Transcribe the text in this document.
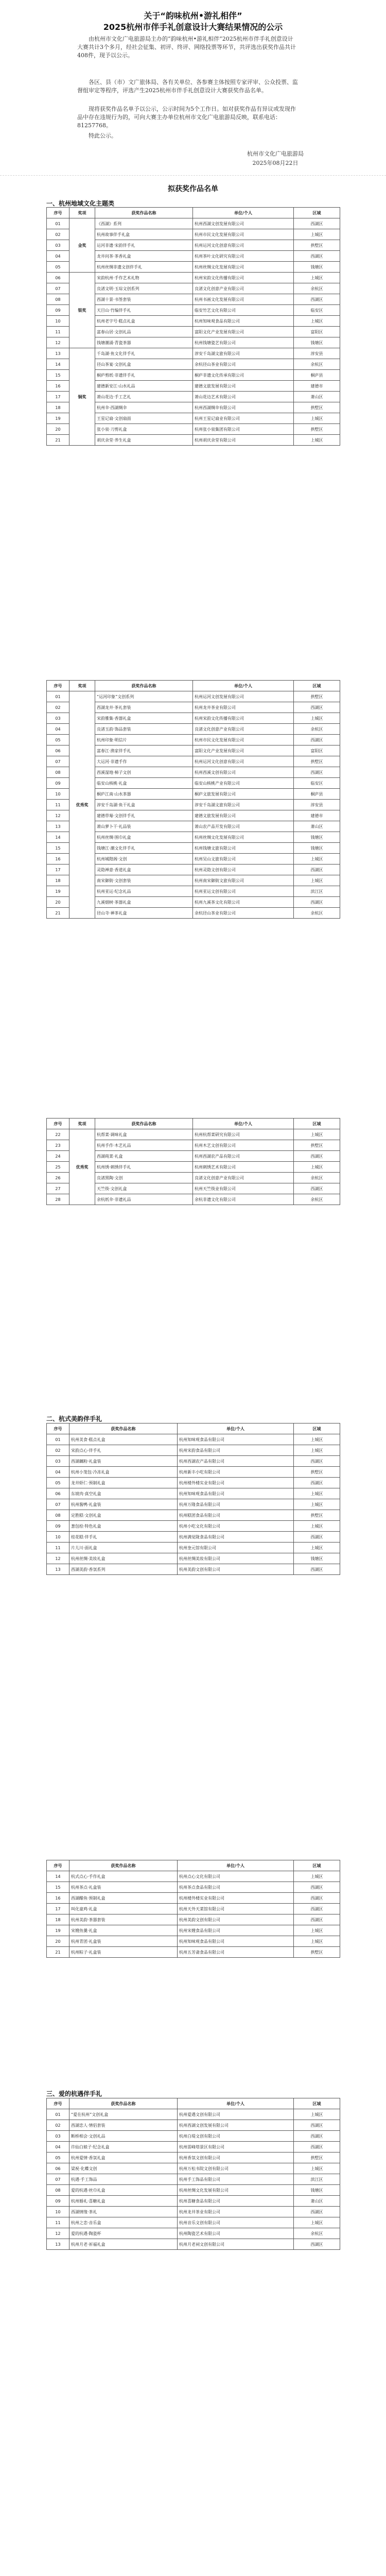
关于“韵味杭州•游礼相伴”
2025杭州市伴手礼创意设计大赛结果情况的公示
由杭州市文化广电旅游局主办的“韵味杭州•游礼相伴”2025杭州市伴手礼创意设计大赛共计3个多月，经社会征集、初评、终评、网络投票等环节，共评选出获奖作品共计408件，现予以公示。
各区、县（市）文广旅体局、各有关单位、各参赛主体按照专家评审、公众投票、监督组审定等程序，评选产生2025杭州市伴手礼创意设计大赛获奖作品名单。
现将获奖作品名单予以公示，公示时间为5个工作日。如对获奖作品有异议或发现作品中存在违规行为的，可向大赛主办单位杭州市文化广电旅游局反映，联系电话：81257768。
特此公示。
杭州市文化广电旅游局
2025年08月22日
拟获奖作品名单
一、杭州地域文化主题类
序号	奖项	获奖作品名称	单位/个人	区域
01	金奖	《西湖》系列	杭州西湖文创发展有限公司	西湖区
02		杭州故事伴手礼盒	杭州市民文化发展有限公司	上城区
03		运河非遗·宋韵伴手礼	杭州运河文化创意有限公司	拱墅区
04		龙井问茶·茶香礼盒	杭州茶叶文化研究有限公司	西湖区
05		杭州丝绸非遗文创伴手礼	杭州丝绸文化发展有限公司	钱塘区
06	银奖	宋韵杭州·手作艺术礼物	杭州宋韵文化传播有限公司	上城区
07		良渚文明·玉琮文创系列	良渚文化创意产业有限公司	余杭区
08		西湖十景·书签套装	杭州书画文化发展有限公司	西湖区
09		天目山·竹编伴手礼	临安竹艺文化有限公司	临安区
10		杭州老字号·糕点礼盒	杭州知味观食品有限公司	上城区
11		富春山居·文创礼品	富阳文化产业发展有限公司	富阳区
12		钱塘潮涌·青瓷茶器	杭州钱塘瓷艺有限公司	钱塘区
13	铜奖	千岛湖·鱼文化伴手礼	淳安千岛湖文旅有限公司	淳安县
14		径山茶宴·文创礼盒	余杭径山茶业有限公司	余杭区
15		桐庐剪纸·非遗伴手礼	桐庐非遗文化传承有限公司	桐庐县
16		建德新安江·山水礼品	建德文旅发展有限公司	建德市
17		萧山花边·手工艺礼	萧山花边艺术有限公司	萧山区
18		杭州伞·西湖绸伞	杭州西湖绸伞有限公司	拱墅区
19		王星记扇·文创扇面	杭州王星记扇业有限公司	上城区
20		张小泉·刀剪礼盒	杭州张小泉集团有限公司	拱墅区
21		胡庆余堂·养生礼盒	杭州胡庆余堂有限公司	上城区
序号	奖项	获奖作品名称	单位/个人	区域
01	优秀奖	“运河印象”文创系列	杭州运河文创发展有限公司	拱墅区
02		西湖龙井·茶礼套装	杭州龙井茶业有限公司	西湖区
03		宋韵雅集·香器礼盒	杭州宋韵文化传播有限公司	上城区
04		良渚玉韵·饰品套装	良渚文化创意产业有限公司	余杭区
05		杭州印象·明信片	杭州市民文化发展有限公司	西湖区
06		富春江·渔家伴手礼	富阳文化产业发展有限公司	富阳区
07		大运河·非遗手作	杭州运河文化创意有限公司	拱墅区
08		西溪湿地·柿子文创	杭州西溪文创有限公司	西湖区
09		临安山核桃·礼盒	临安山核桃产业有限公司	临安区
10		桐庐江南·山水茶器	桐庐文旅发展有限公司	桐庐县
11		淳安千岛湖·鱼干礼盒	淳安千岛湖文旅有限公司	淳安县
12		建德草莓·文创伴手礼	建德文旅发展有限公司	建德市
13		萧山萝卜干·礼品装	萧山农产品开发有限公司	萧山区
14		杭州丝绸·围巾礼盒	杭州丝绸文化发展有限公司	钱塘区
15		钱塘江·潮文化伴手礼	杭州钱塘文旅有限公司	钱塘区
16		杭州城隍阁·文创	杭州吴山文旅有限公司	上城区
17		灵隐禅意·香道礼盒	杭州灵隐文创有限公司	西湖区
18		南宋御街·文创套装	杭州南宋御街文旅有限公司	上城区
19		杭州亚运·纪念礼品	杭州亚运文创有限公司	滨江区
20		九溪烟树·茶器礼盒	杭州九溪茶文化有限公司	西湖区
21		径山寺·禅茶礼盒	余杭径山茶业有限公司	余杭区
序号	奖项	获奖作品名称	单位/个人	区域
22	优秀奖	杭帮菜·调味礼盒	杭州杭帮菜研究有限公司	上城区
23		杭州手作·木艺礼品	杭州木艺文创有限公司	拱墅区
24		西湖莼菜·礼盒	杭州西湖农产品有限公司	西湖区
25		杭州绣·刺绣伴手礼	杭州刺绣艺术有限公司	上城区
26		良渚黑陶·文创	良渚文化创意产业有限公司	余杭区
27		天竺筷·文创礼盒	杭州天竺筷业有限公司	西湖区
28		余杭纸伞·非遗礼品	余杭非遗文化有限公司	余杭区
二、杭式美韵伴手礼
序号	获奖作品名称	单位/个人	区域
01	杭州美食·糕点礼盒	杭州知味观食品有限公司	上城区
02	宋韵点心·伴手礼	杭州宋韵食品有限公司	上城区
03	西湖藕粉·礼盒装	杭州西湖农产品有限公司	西湖区
04	杭州小笼包·冷冻礼盒	杭州新丰小吃有限公司	拱墅区
05	龙井虾仁·预制礼盒	杭州楼外楼实业有限公司	西湖区
06	东坡肉·真空礼盒	杭州知味观食品有限公司	上城区
07	杭州酱鸭·礼盒装	杭州万隆食品有限公司	上城区
08	定胜糕·文创礼盒	杭州糕团食品有限公司	拱墅区
09	葱包桧·特色礼盒	杭州小吃文化有限公司	上城区
10	桂花糕·伴手礼	杭州满觉陇食品有限公司	西湖区
11	片儿川·面礼盒	杭州奎元馆有限公司	上城区
12	杭州丝绸·美妆礼盒	杭州丝绸美妆有限公司	钱塘区
13	西湖美韵·香氛系列	杭州美韵文创有限公司	西湖区
序号	获奖作品名称	单位/个人	区域
14	杭式点心·手作礼盒	杭州点心文化有限公司	上城区
15	杭州茶点·礼盒装	杭州茶点食品有限公司	西湖区
16	西湖醋鱼·预制礼盒	杭州楼外楼实业有限公司	西湖区
17	叫化童鸡·礼盒	杭州天外天菜馆有限公司	西湖区
18	杭州美韵·茶器套装	杭州美韵文创有限公司	西湖区
19	宋嫂鱼羹·礼盒	杭州宋嫂食品有限公司	上城区
20	杭州青团·礼盒装	杭州知味观食品有限公司	上城区
21	杭州粽子·礼盒装	杭州五芳斋食品有限公司	拱墅区
三、爱的杭遇伴手礼
序号	获奖作品名称	单位/个人	区域
01	“爱在杭州”文创礼盒	杭州爱遇文创有限公司	上城区
02	西湖恋人·情侣套装	杭州西湖文创发展有限公司	西湖区
03	断桥相会·文创礼品	杭州白堤文创有限公司	西湖区
04	许仙白娘子·纪念礼盒	杭州雷峰塔景区有限公司	西湖区
05	杭州爱情·香氛礼盒	杭州香氛文创有限公司	拱墅区
06	梁祝·化蝶文创	杭州万松书院文创有限公司	上城区
07	杭遇·手工饰品	杭州手工饰品有限公司	滨江区
08	爱的杭遇·丝巾礼盒	杭州丝绸文化发展有限公司	钱塘区
09	杭州婚礼·喜糖礼盒	杭州喜糖食品有限公司	萧山区
10	西湖情缘·茶礼	杭州龙井茶业有限公司	西湖区
11	杭州之恋·音乐盒	杭州音乐文创有限公司	上城区
12	爱的杭遇·陶瓷杯	杭州陶瓷艺术有限公司	余杭区
13	杭州月老·祈福礼盒	杭州月老祠文创有限公司	西湖区
